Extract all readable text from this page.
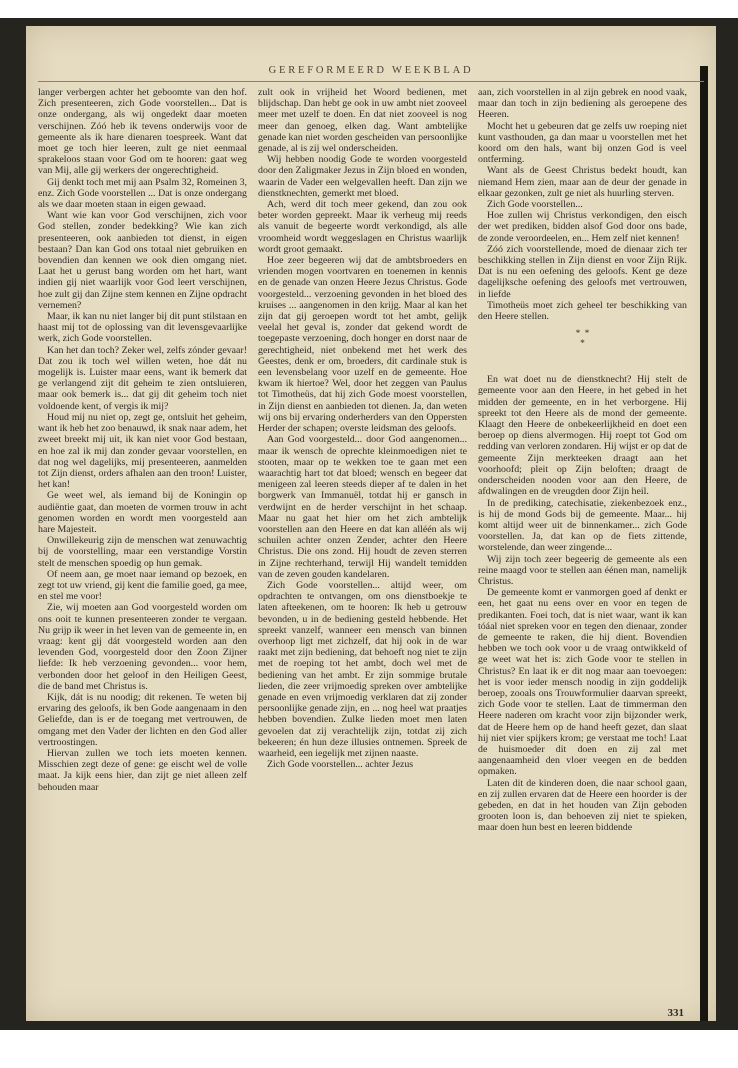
GEREFORMEERD WEEKBLAD

langer verbergen achter het geboomte van den hof. Zich presenteeren, zich Gode voorstellen... Dat is onze ondergang, als wij ongedekt daar moeten verschijnen. Zóó heb ik tevens onderwijs voor de gemeente als ik hare dienaren toespreek. Want dat moet ge toch hier leeren, zult ge niet eenmaal sprakeloos staan voor God om te hooren: gaat weg van Mij, alle gij werkers der ongerechtigheid.

Gij denkt toch met mij aan Psalm 32, Romeinen 3, enz. Zich Gode voorstellen ... Dat is onze ondergang als we daar moeten staan in eigen gewaad.

Want wie kan voor God verschijnen, zich voor God stellen, zonder bedekking? Wie kan zich presenteeren, ook aanbieden tot dienst, in eigen bestaan? Dan kan God ons totaal niet gebruiken en bovendien dan kennen we ook dien omgang niet. Laat het u gerust bang worden om het hart, want indien gij niet waarlijk voor God leert verschijnen, hoe zult gij dan Zijne stem kennen en Zijne opdracht vernemen?

Maar, ik kan nu niet langer bij dit punt stilstaan en haast mij tot de oplossing van dit levensgevaarlijke werk, zich Gode voorstellen.

Kan het dan toch? Zeker wel, zelfs zónder gevaar! Dat zou ik toch wel willen weten, hoe dát nu mogelijk is. Luister maar eens, want ik bemerk dat ge verlangend zijt dit geheim te zien ontsluieren, maar ook bemerk is... dat gij dit geheim toch niet voldoende kent, of vergis ik mij?

Houd mij nu niet op, zegt ge, ontsluit het geheim, want ik heb het zoo benauwd, ik snak naar adem, het zweet breekt mij uit, ik kan niet voor God bestaan, en hoe zal ik mij dan zonder gevaar voorstellen, en dat nog wel dagelijks, mij presenteeren, aanmelden tot Zijn dienst, orders afhalen aan den troon! Luister, het kan!

Ge weet wel, als iemand bij de Koningin op audiëntie gaat, dan moeten de vormen trouw in acht genomen worden en wordt men voorgesteld aan hare Majesteit.

Onwillekeurig zijn de menschen wat zenuwachtig bij de voorstelling, maar een verstandige Vorstin stelt de menschen spoedig op hun gemak.

Of neem aan, ge moet naar iemand op bezoek, en zegt tot uw vriend, gij kent die familie goed, ga mee, en stel me voor!

Zie, wij moeten aan God voorgesteld worden om ons ooit te kunnen presenteeren zonder te vergaan. Nu grijp ik weer in het leven van de gemeente in, en vraag: kent gij dát voorgesteld worden aan den levenden God, voorgesteld door den Zoon Zijner liefde: Ik heb verzoening gevonden... voor hem, verbonden door het geloof in den Heiligen Geest, die de band met Christus is.

Kijk, dát is nu noodig; dit rekenen. Te weten bij ervaring des geloofs, ik ben Gode aangenaam in den Geliefde, dan is er de toegang met vertrouwen, de omgang met den Vader der lichten en den God aller vertroostingen.

Hiervan zullen we toch iets moeten kennen. Misschien zegt deze of gene: ge eischt wel de volle maat. Ja kijk eens hier, dan zijt ge niet alleen zelf behouden maar

zult ook in vrijheid het Woord bedienen, met blijdschap. Dan hebt ge ook in uw ambt niet zooveel meer met uzelf te doen. En dat niet zooveel is nog meer dan genoeg, elken dag. Want ambtelijke genade kan niet worden gescheiden van persoonlijke genade, al is zij wel onderscheiden.

Wij hebben noodig Gode te worden voorgesteld door den Zaligmaker Jezus in Zijn bloed en wonden, waarin de Vader een welgevallen heeft. Dan zijn we dienstknechten, gemerkt met bloed.

Ach, werd dit toch meer gekend, dan zou ook beter worden gepreekt. Maar ik verheug mij reeds als vanuit de begeerte wordt verkondigd, als alle vroomheid wordt weggeslagen en Christus waarlijk wordt groot gemaakt.

Hoe zeer begeeren wij dat de ambtsbroeders en vrienden mogen voortvaren en toenemen in kennis en de genade van onzen Heere Jezus Christus. Gode voorgesteld... verzoening gevonden in het bloed des kruises ... aangenomen in den krijg. Maar al kan het zijn dat gij geroepen wordt tot het ambt, gelijk veelal het geval is, zonder dat gekend wordt de toegepaste verzoening, doch honger en dorst naar de gerechtigheid, niet onbekend met het werk des Geestes, denk er om, broeders, dit cardinale stuk is een levensbelang voor uzelf en de gemeente. Hoe kwam ik hiertoe? Wel, door het zeggen van Paulus tot Timotheüs, dat hij zich Gode moest voorstellen, in Zijn dienst en aanbieden tot dienen. Ja, dan weten wij ons bij ervaring onderherders van den Oppersten Herder der schapen; overste leidsman des geloofs.

Aan God voorgesteld... door God aangenomen... maar ik wensch de oprechte kleinmoedigen niet te stooten, maar op te wekken toe te gaan met een waarachtig hart tot dat bloed; wensch en begeer dat menigeen zal leeren steeds dieper af te dalen in het borgwerk van Immanuël, totdat hij er gansch in verdwijnt en de herder verschijnt in het schaap. Maar nu gaat het hier om het zich ambtelijk voorstellen aan den Heere en dat kan alléén als wij schuilen achter onzen Zender, achter den Heere Christus. Die ons zond. Hij houdt de zeven sterren in Zijne rechterhand, terwijl Hij wandelt temidden van de zeven gouden kandelaren.

Zich Gode voorstellen... altijd weer, om opdrachten te ontvangen, om ons dienstboekje te laten afteekenen, om te hooren: Ik heb u getrouw bevonden, u in de bediening gesteld hebbende. Het spreekt vanzelf, wanneer een mensch van binnen overhoop ligt met zichzelf, dat hij ook in de war raakt met zijn bediening, dat behoeft nog niet te zijn met de roeping tot het ambt, doch wel met de bediening van het ambt. Er zijn sommige brutale lieden, die zeer vrijmoedig spreken over ambtelijke genade en even vrijmoedig verklaren dat zij zonder persoonlijke genade zijn, en ... nog heel wat praatjes hebben bovendien. Zulke lieden moet men laten gevoelen dat zij verachtelijk zijn, totdat zij zich bekeeren; én hun deze illusies ontnemen. Spreek de waarheid, een iegelijk met zijnen naaste.

Zich Gode voorstellen... achter Jezus

aan, zich voorstellen in al zijn gebrek en nood vaak, maar dan toch in zijn bediening als geroepene des Heeren.

Mocht het u gebeuren dat ge zelfs uw roeping niet kunt vasthouden, ga dan maar u voorstellen met het koord om den hals, want bij onzen God is veel ontferming.

Want als de Geest Christus bedekt houdt, kan niemand Hem zien, maar aan de deur der genade in elkaar gezonken, zult ge niet als huurling sterven.

Zich Gode voorstellen...

Hoe zullen wij Christus verkondigen, den eisch der wet prediken, bidden alsof God door ons bade, de zonde veroordeelen, en... Hem zelf niet kennen!

Zóó zich voorstellende, moed de dienaar zich ter beschikking stellen in Zijn dienst en voor Zijn Rijk. Dat is nu een oefening des geloofs. Kent ge deze dagelijksche oefening des geloofs met vertrouwen, in liefde

Timotheüs moet zich geheel ter beschikking van den Heere stellen.

*  *
*

En wat doet nu de dienstknecht? Hij stelt de gemeente voor aan den Heere, in het gebed in het midden der gemeente, en in het verborgene. Hij spreekt tot den Heere als de mond der gemeente. Klaagt den Heere de onbekeerlijkheid en doet een beroep op diens alvermogen. Hij roept tot God om redding van verloren zondaren. Hij wijst er op dat de gemeente Zijn merkteeken draagt aan het voorhoofd; pleit op Zijn beloften; draagt de onderscheiden nooden voor aan den Heere, de afdwalingen en de vreugden door Zijn heil.

In de prediking, catechisatie, ziekenbezoek enz., is hij de mond Gods bij de gemeente. Maar... hij komt altijd weer uit de binnenkamer... zich Gode voorstellen. Ja, dat kan op de fiets zittende, worstelende, dan weer zingende...

Wij zijn toch zeer begeerig de gemeente als een reine maagd voor te stellen aan éénen man, namelijk Christus.

De gemeente komt er vanmorgen goed af denkt er een, het gaat nu eens over en voor en tegen de predikanten. Foei toch, dat is niet waar, want ik kan tóáal niet spreken voor en tegen den dienaar, zonder de gemeente te raken, die hij dient. Bovendien hebben we toch ook voor u de vraag ontwikkeld of ge weet wat het is: zich Gode voor te stellen in Christus? En laat ik er dit nog maar aan toevoegen: het is voor ieder mensch noodig in zijn goddelijk beroep, zooals ons Trouwformulier daarvan spreekt, zich Gode voor te stellen. Laat de timmerman den Heere naderen om kracht voor zijn bijzonder werk, dat de Heere hem op de hand heeft gezet, dan slaat hij niet vier spijkers krom; ge verstaat me toch! Laat de huismoeder dit doen en zij zal met aangenaamheid den vloer veegen en de bedden opmaken.

Laten dit de kinderen doen, die naar school gaan, en zij zullen ervaren dat de Heere een hoorder is der gebeden, en dat in het houden van Zijn geboden grooten loon is, dan behoeven zij niet te spieken, maar doen hun best en leeren biddende

331
